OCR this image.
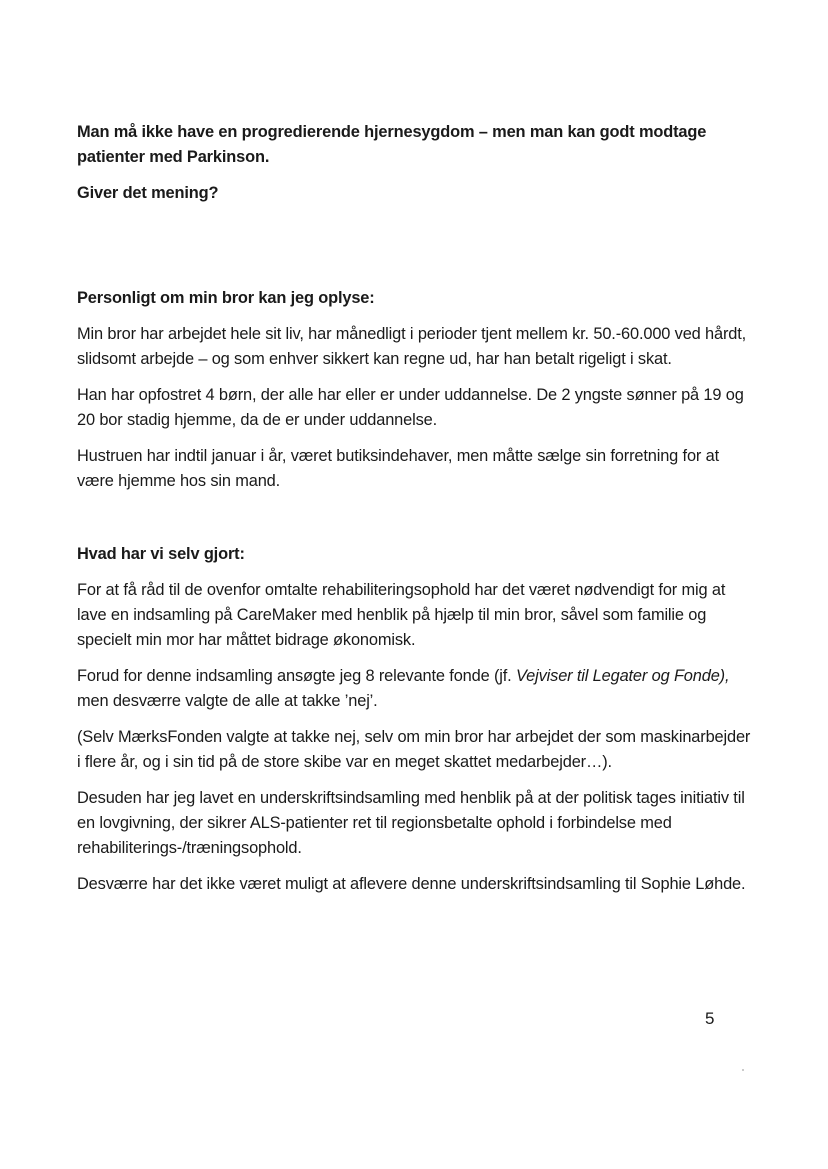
Man må ikke have en progredierende hjernesygdom – men man kan godt modtage patienter med Parkinson.

Giver det mening?

Personligt om min bror kan jeg oplyse:

Min bror har arbejdet hele sit liv, har månedligt i perioder tjent mellem kr. 50.-60.000 ved hårdt, slidsomt arbejde – og som enhver sikkert kan regne ud, har han betalt rigeligt i skat.

Han har opfostret 4 børn, der alle har eller er under uddannelse. De 2 yngste sønner på 19 og 20 bor stadig hjemme, da de er under uddannelse.

Hustruen har indtil januar i år, været butiksindehaver, men måtte sælge sin forretning for at være hjemme hos sin mand.

Hvad har vi selv gjort:

For at få råd til de ovenfor omtalte rehabiliteringsophold har det været nødvendigt for mig at lave en indsamling på CareMaker med henblik på hjælp til min bror, såvel som familie og specielt min mor har måttet bidrage økonomisk.

Forud for denne indsamling ansøgte jeg 8 relevante fonde (jf. Vejviser til Legater og Fonde), men desværre valgte de alle at takke ’nej’.

(Selv MærksFonden valgte at takke nej, selv om min bror har arbejdet der som maskinarbejder i flere år, og i sin tid på de store skibe var en meget skattet medarbejder…).

Desuden har jeg lavet en underskriftsindsamling med henblik på at der politisk tages initiativ til en lovgivning, der sikrer ALS-patienter ret til regionsbetalte ophold i forbindelse med rehabiliterings-/træningsophold.

Desværre har det ikke været muligt at aflevere denne underskriftsindsamling til Sophie Løhde.

5
